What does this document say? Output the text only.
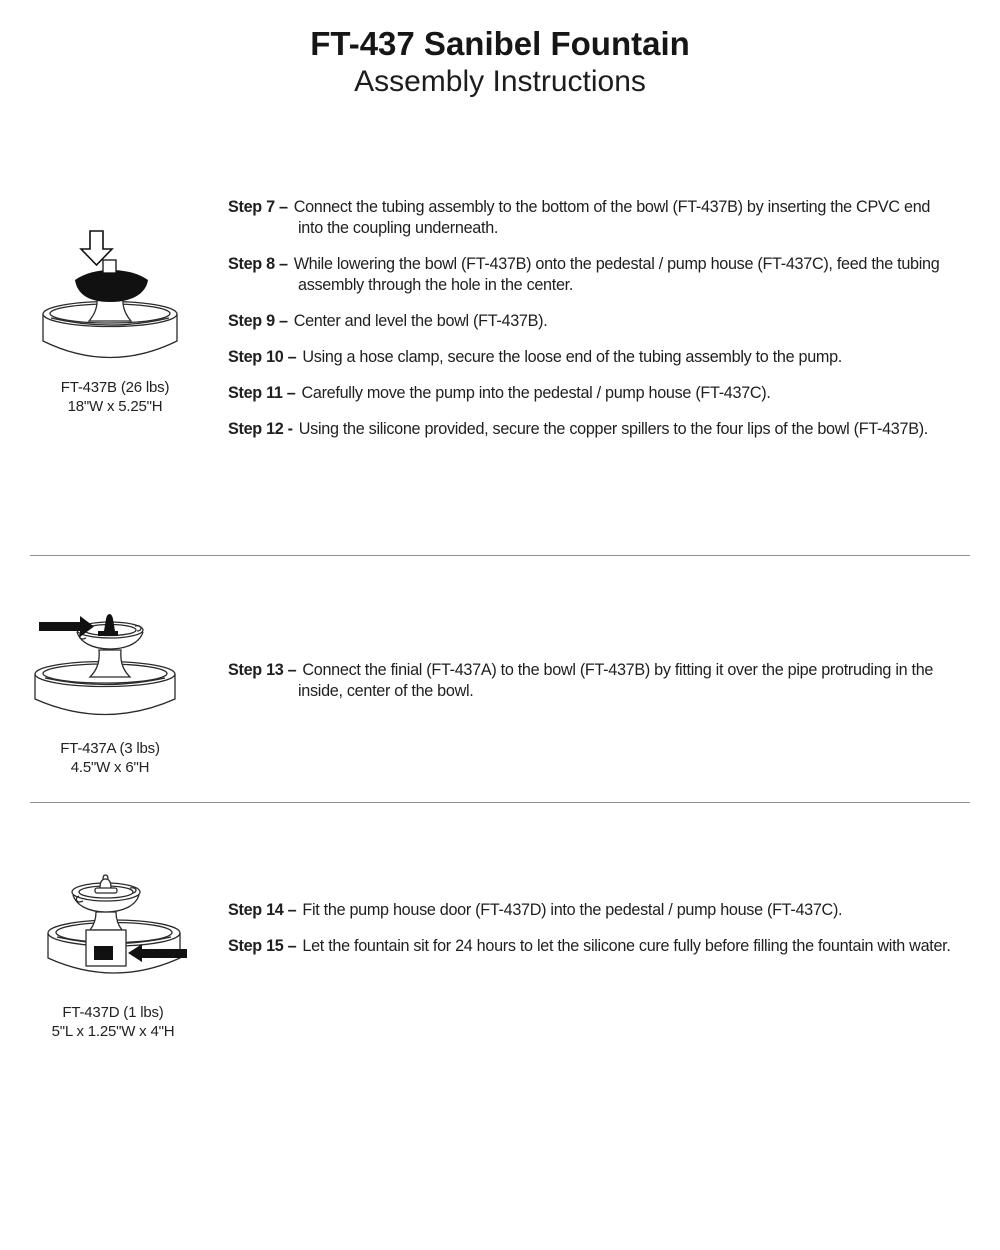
FT-437 Sanibel Fountain
Assembly Instructions
FT-437B (26 lbs)
18"W x 5.25"H

Step 7 – Connect the tubing assembly to the bottom of the bowl (FT-437B) by inserting the CPVC end into the coupling underneath.

Step 8 – While lowering the bowl (FT-437B) onto the pedestal / pump house (FT-437C), feed the tubing assembly through the hole in the center.

Step 9 – Center and level the bowl (FT-437B).

Step 10 – Using a hose clamp, secure the loose end of the tubing assembly to the pump.

Step 11 – Carefully move the pump into the pedestal / pump house (FT-437C).

Step 12 - Using the silicone provided, secure the copper spillers to the four lips of the bowl (FT-437B).

FT-437A (3 lbs)
4.5"W x 6"H

Step 13 – Connect the finial (FT-437A) to the bowl (FT-437B) by fitting it over the pipe protruding in the inside, center of the bowl.

FT-437D (1 lbs)
5"L x 1.25"W x 4"H

Step 14 – Fit the pump house door (FT-437D) into the pedestal / pump house (FT-437C).

Step 15 – Let the fountain sit for 24 hours to let the silicone cure fully before filling the fountain with water.
